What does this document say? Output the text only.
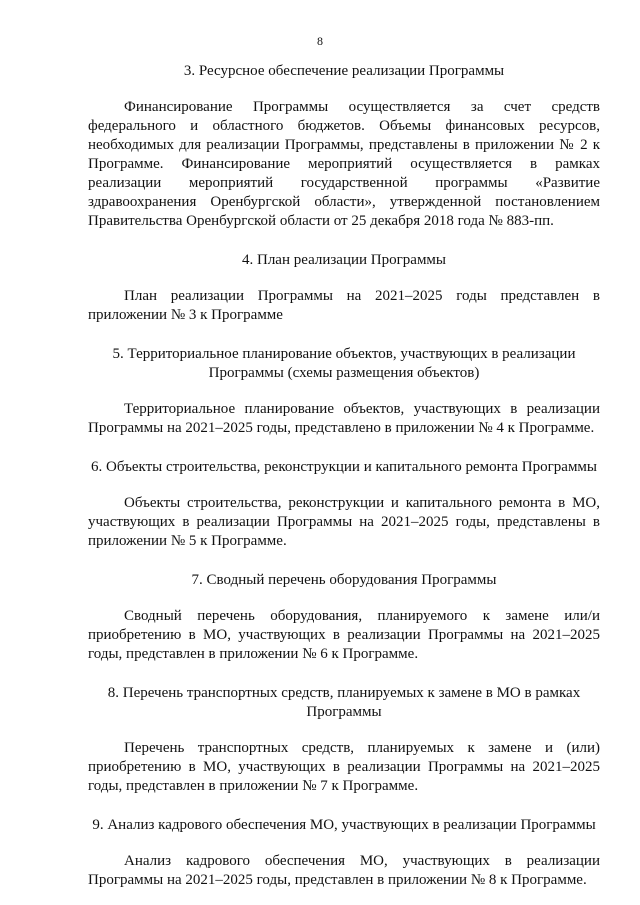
8
3. Ресурсное обеспечение реализации Программы

Финансирование Программы осуществляется за счет средств федерального и областного бюджетов. Объемы финансовых ресурсов, необходимых для реализации Программы, представлены в приложении № 2 к Программе. Финансирование мероприятий осуществляется в рамках реализации мероприятий государственной программы «Развитие здравоохранения Оренбургской области», утвержденной постановлением Правительства Оренбургской области от 25 декабря 2018 года № 883-пп.

4. План реализации Программы

План реализации Программы на 2021–2025 годы представлен в приложении № 3 к Программе

5. Территориальное планирование объектов, участвующих в реализации Программы (схемы размещения объектов)

Территориальное планирование объектов, участвующих в реализации Программы на 2021–2025 годы, представлено в приложении № 4 к Программе.

6. Объекты строительства, реконструкции и капитального ремонта Программы

Объекты строительства, реконструкции и капитального ремонта в МО, участвующих в реализации Программы на 2021–2025 годы, представлены в приложении № 5 к Программе.

7. Сводный перечень оборудования Программы

Сводный перечень оборудования, планируемого к замене или/и приобретению в МО, участвующих в реализации Программы на 2021–2025 годы, представлен в приложении № 6 к Программе.

8. Перечень транспортных средств, планируемых к замене в МО в рамках Программы

Перечень транспортных средств, планируемых к замене и (или) приобретению в МО, участвующих в реализации Программы на 2021–2025 годы, представлен в приложении № 7 к Программе.

9. Анализ кадрового обеспечения МО, участвующих в реализации Программы

Анализ кадрового обеспечения МО, участвующих в реализации Программы на 2021–2025 годы, представлен в приложении № 8 к Программе.
